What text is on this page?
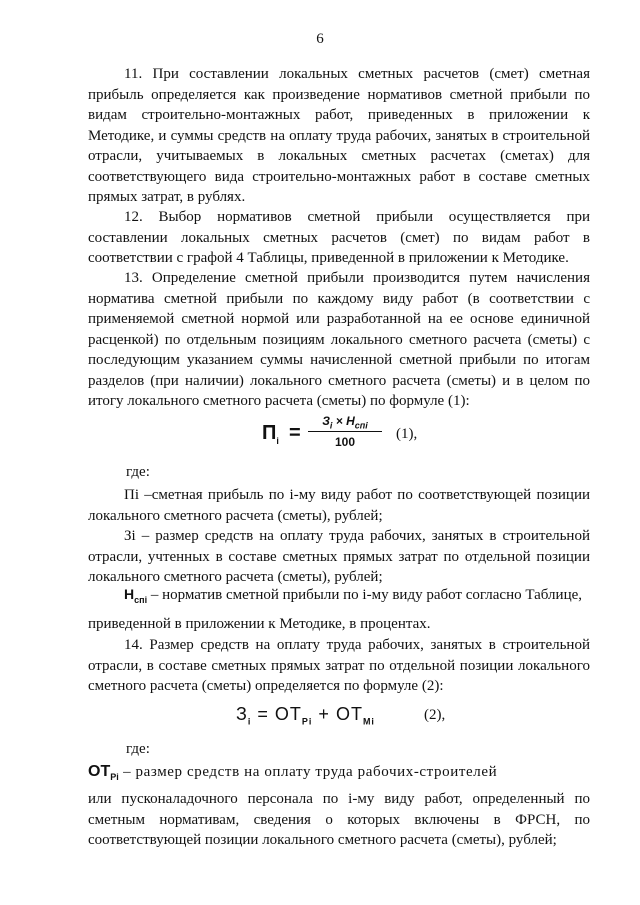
6
11. При составлении локальных сметных расчетов (смет) сметная прибыль определяется как произведение нормативов сметной прибыли по видам строительно-монтажных работ, приведенных в приложении к Методике, и суммы средств на оплату труда рабочих, занятых в строительной отрасли, учитываемых в локальных сметных расчетах (сметах) для соответствующего вида строительно-монтажных работ в составе сметных прямых затрат, в рублях.
12. Выбор нормативов сметной прибыли осуществляется при составлении локальных сметных расчетов (смет) по видам работ в соответствии с графой 4 Таблицы, приведенной в приложении к Методике.
13. Определение сметной прибыли производится путем начисления норматива сметной прибыли по каждому виду работ (в соответствии с применяемой сметной нормой или разработанной на ее основе единичной расценкой) по отдельным позициям локального сметного расчета (сметы) с последующим указанием суммы начисленной сметной прибыли по итогам разделов (при наличии) локального сметного расчета (сметы) и в целом по итогу локального сметного расчета (сметы) по формуле (1):
$П_i$ =
$З_i \times Н_{спi}$
100	(1),
где:
Пi –сметная прибыль по i-му виду работ по соответствующей позиции локального сметного расчета (сметы), рублей;
Зi – размер средств на оплату труда рабочих, занятых в строительной отрасли, учтенных в составе сметных прямых затрат по отдельной позиции локального сметного расчета (сметы), рублей;
$Н_{спi}$ – норматив сметной прибыли по i-му виду работ согласно Таблице,
приведенной в приложении к Методике, в процентах.
14. Размер средств на оплату труда рабочих, занятых в строительной отрасли, в составе сметных прямых затрат по отдельной позиции локального сметного расчета (сметы) определяется по формуле (2):
$З_i = ОТ_{Pi} + ОТ_{Mi}$	(2),
где:
$ОТ_{Pi}$ – размер средств на оплату труда рабочих-строителей
или пусконаладочного персонала по i-му виду работ, определенный по сметным нормативам, сведения о которых включены в ФРСН, по соответствующей позиции локального сметного расчета (сметы), рублей;
